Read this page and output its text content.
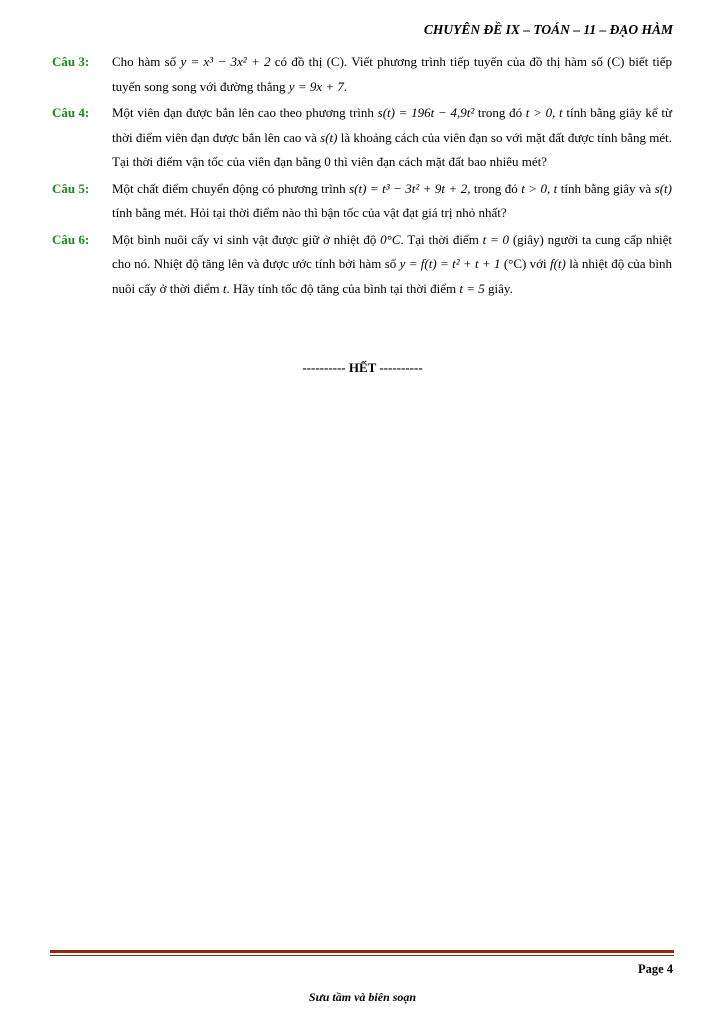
CHUYÊN ĐỀ IX – TOÁN – 11 – ĐẠO HÀM
Câu 3:	Cho hàm số y = x³ − 3x² + 2 có đồ thị (C). Viết phương trình tiếp tuyến của đồ thị hàm số (C) biết tiếp tuyến song song với đường thẳng y = 9x + 7.
Câu 4:	Một viên đạn được bắn lên cao theo phương trình s(t) = 196t − 4,9t² trong đó t > 0, t tính bằng giây kể từ thời điểm viên đạn được bắn lên cao và s(t) là khoảng cách của viên đạn so với mặt đất được tính bằng mét. Tại thời điểm vận tốc của viên đạn bằng 0 thì viên đạn cách mặt đất bao nhiêu mét?
Câu 5:	Một chất điểm chuyển động có phương trình s(t) = t³ − 3t² + 9t + 2, trong đó t > 0, t tính bằng giây và s(t) tính bằng mét. Hỏi tại thời điểm nào thì bận tốc của vật đạt giá trị nhỏ nhất?
Câu 6:	Một bình nuôi cấy vi sinh vật được giữ ở nhiệt độ 0°C. Tại thời điểm t = 0 (giây) người ta cung cấp nhiệt cho nó. Nhiệt độ tăng lên và được ước tính bởi hàm số y = f(t) = t² + t + 1 (°C) với f(t) là nhiệt độ của bình nuôi cấy ở thời điểm t. Hãy tính tốc độ tăng của bình tại thời điểm t = 5 giây.
---------- HẾT ----------
Page 4
Sưu tầm và biên soạn
